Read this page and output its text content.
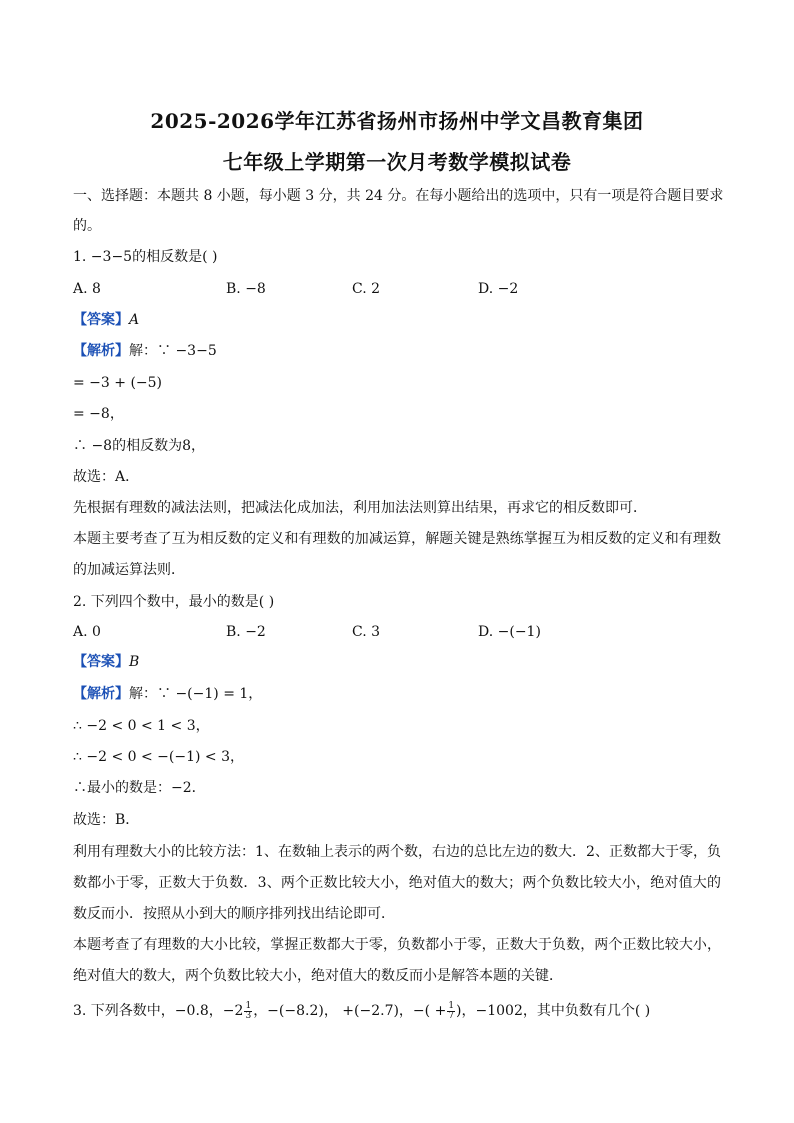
2025-2026学年江苏省扬州市扬州中学文昌教育集团
七年级上学期第一次月考数学模拟试卷
一、选择题：本题共 8 小题，每小题 3 分，共 24 分。在每小题给出的选项中，只有一项是符合题目要求
的。
1. −3−5的相反数是( )
A. 8	B. −8	C. 2	D. −2
【答案】A
【解析】解：∵ −3−5
= −3 + (−5)
= −8，
∴ −8的相反数为8，
故选：A．
先根据有理数的减法法则，把减法化成加法，利用加法法则算出结果，再求它的相反数即可．
本题主要考查了互为相反数的定义和有理数的加减运算，解题关键是熟练掌握互为相反数的定义和有理数
的加减运算法则．
2. 下列四个数中，最小的数是( )
A. 0	B. −2	C. 3	D. −(−1)
【答案】B
【解析】解：∵ −(−1) = 1，
∴ −2 < 0 < 1 < 3，
∴ −2 < 0 < −(−1) < 3，
∴最小的数是：−2．
故选：B．
利用有理数大小的比较方法：1、在数轴上表示的两个数，右边的总比左边的数大．2、正数都大于零，负
数都小于零，正数大于负数．3、两个正数比较大小，绝对值大的数大；两个负数比较大小，绝对值大的
数反而小．按照从小到大的顺序排列找出结论即可．
本题考查了有理数的大小比较，掌握正数都大于零，负数都小于零，正数大于负数，两个正数比较大小，
绝对值大的数大，两个负数比较大小，绝对值大的数反而小是解答本题的关键．
3. 下列各数中，−0.8，$-2 \frac{1}{3}$ ，−(−8.2)， +(−2.7)，−( + $\frac{1}{7}$ )，−1002，其中负数有几个( )
